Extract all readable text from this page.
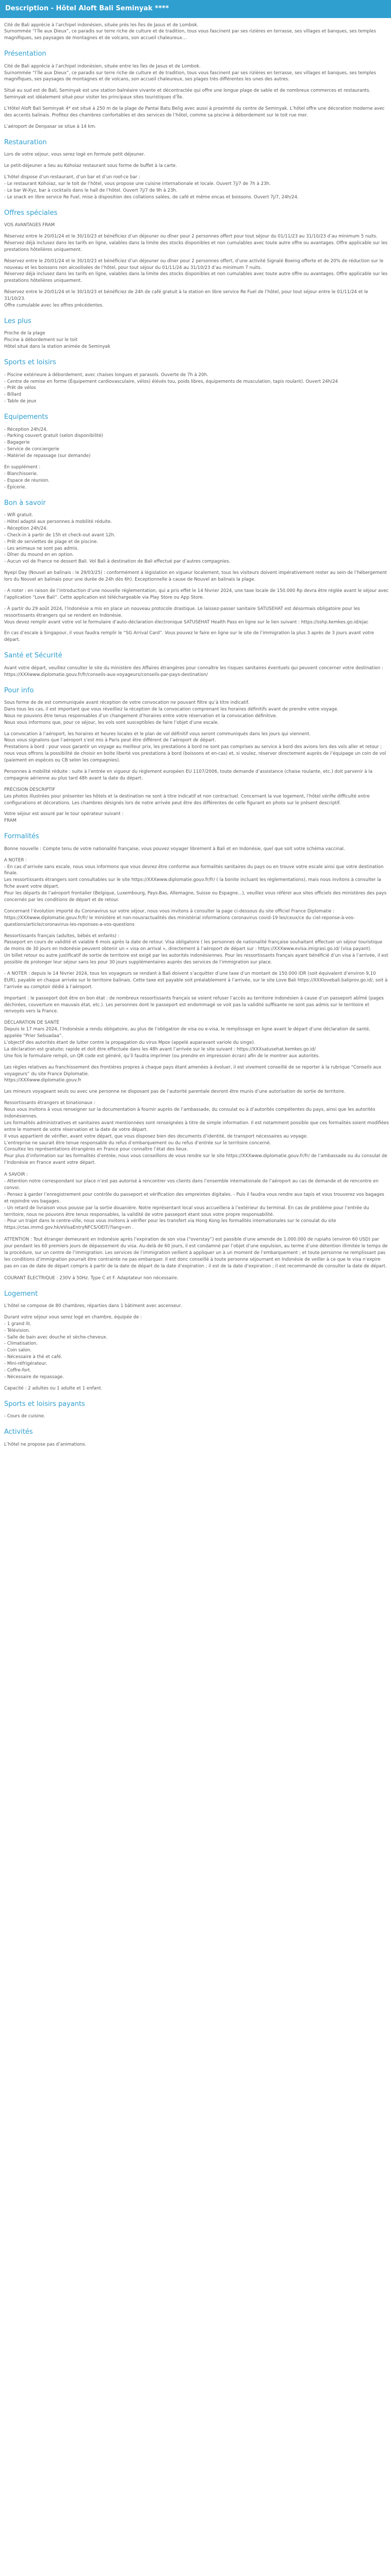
Description - Hôtel Aloft Bali Seminyak ****

Cité de Bali apprécie à l’archipel indonésien, située près les îles de Jasus et de Lombok.
Surnommée “l’Île aux Dieux”, ce paradis sur terre riche de culture et de tradition, tous vous fascinent par ses rizières en terrasse, ses villages et banques, ses temples magnifiques, ses paysages de montagnes et de volcans, son accueil chaleureux…

Présentation

Cité de Bali apprécie à l’archipel indonésien, située entre les îles de Jasus et de Lombok.
Surnommée “l’Île aux Dieux”, ce paradis sur terre riche de culture et de tradition, tous vous fascinent par ses rizières en terrasse, ses villages et banques, ses temples magnifiques, ses paysages de montagnes et de volcans, son accueil chaleureux, ses plages très différentes les unes des autres.

Situé au sud est de Bali, Seminyak est une station balnéaire vivante et décontractée qui offre une longue plage de sable et de nombreux commerces et restaurants. Seminyak est idéalement situé pour visiter les principaux sites touristiques d’Île.

L’Hôtel Aloft Bali Seminyak 4* est situé à 250 m de la plage de Pantai Batu Belig avec aussi à proximité du centre de Seminyak. L’hôtel offre une décoration moderne avec des accents balinais. Profitez des chambres confortables et des services de l’hôtel, comme sa piscine à débordement sur le toit rue mer.

L’aéroport de Denpasar se situe à 14 km.

Restauration

Lors de votre séjour, vous serez logé en formule petit déjeuner.

Le petit-déjeuner a lieu au Kohoiaz restaurant sous forme de buffet à la carte.

L’hôtel dispose d’un restaurant, d’un bar et d’un roof-ce bar :
- Le restaurant Kohoiaz, sur le toit de l’hôtel, vous propose une cuisine internationale et locale. Ouvert 7j/7 de 7h à 23h.
- Le bar W-Xyz, bar à cocktails dans le hall de l’hôtel. Ouvert 7j/7 de 9h à 23h.
- Le snack en libre service Re Fuel, mise à disposition des collations salées, de café et même encas et boissons. Ouvert 7j/7, 24h/24.

Offres spéciales

VOS AVANTAGES FRAM

Réservez entre le 20/01/24 et le 30/10/23 et bénéficiez d’un déjeuner ou dîner pour 2 personnes offert pour tout séjour du 01/11/23 au 31/10/23 d’au minimum 5 nuits.
Réservez déjà inclusez dans les tarifs en ligne, valables dans la limite des stocks disponibles et non cumulables avec toute autre offre ou avantages. Offre applicable sur les prestations hôtelières uniquement.

Réservez entre le 20/01/24 et le 30/10/23 et bénéficiez d’un déjeuner ou dîner pour 2 personnes offert, d’une activité Signalé Boeing offerte et de 20% de réduction sur le nouveau et les boissons non alcoolisées de l’hôtel, pour tout séjour du 01/11/24 au 31/10/23 d’au minimum 7 nuits.
Réservez déjà inclusez dans les tarifs en ligne, valables dans la limite des stocks disponibles et non cumulables avec toute autre offre ou avantages. Offre applicable sur les prestations hôtelières uniquement.

Réservez entre le 20/01/24 et le 30/10/23 et bénéficiez de 24h de café gratuit à la station en libre service Re Fuel de l’hôtel, pour tout séjour entre le 01/11/24 et le 31/10/23.
Offre cumulable avec les offres précédentes.

Les plus

Proche de la plage
Piscine à débordement sur le toit
Hôtel situé dans la station animée de Seminyak

Sports et loisirs

- Piscine extérieure à débordement, avec chaises longues et parasols. Ouverte de 7h à 20h.
- Centre de remise en forme (Équipement cardiovasculaire, vélos) élévés tou, poids libres, équipements de musculation, tapis roulant). Ouvert 24h/24
- Prêt de vélos
- Billard
- Table de jeux

Equipements

- Réception 24h/24.
- Parking couvert gratuit (selon disponibilité)
- Bagagerie
- Service de conciergerie
- Matériel de repassage (sur demande)

En supplément :
- Blanchisserie.
- Espace de réunion.
- Épicerie.

Bon à savoir

- Wifi gratuit.
- Hôtel adapté aux personnes à mobilité réduite.
- Réception 24h/24.
- Check-in à partir de 15h et check-out avant 12h.
- Prêt de serviettes de plage et de piscine.
- Les animaux ne sont pas admis.
- Dîner du mound en en option.
- Aucun vol de France ne dessert Bali. Vol Bali à destination de Bali effectué par d’autres compagnies.

Nyepi Day (Nouvel an balinais : le 29/03/25) : conformément à législation en vigueur localement, tous les visiteurs doivent impérativement rester au sein de l’hébergement lors du Nouvel an balinais pour une durée de 24h dès 6h). Exceptionnelle à cause de Nouvel an balinais la plage.

- A noter : en raison de l’introduction d’une nouvelle réglementation, qui a pris effet le 14 février 2024, une taxe locale de 150.000 Rp devra être réglée avant le séjour avec l’application “Love Bali”. Cette application est téléchargeable via Play Store ou App Store.

- À partir du 29 août 2024, l’Indonésie a mis en place un nouveau protocole drastique. Le laissez-passer sanitaire SATUSEHAT est désormais obligatoire pour les ressortissants étrangers qui se rendent en Indonésie.
Vous devez remplir avant votre vol le formulaire d’auto-déclaration électronique SATUSEHAT Health Pass en ligne sur le lien suivant : https://sshp.kemkes.go.id/ejac

En cas d’escale à Singapour, il vous faudra remplir le “SG Arrival Card”. Vous pouvez le faire en ligne sur le site de l’immigration la plus 3 après de 3 jours avant votre départ.

Santé et Sécurité

Avant votre départ, veuillez consulter le site du ministère des Affaires étrangères pour connaître les risques sanitaires éventuels qui peuvent concerner votre destination : https://XXXwww.diplomatie.gouv.fr/fr/conseils-aux-voyageurs/conseils-par-pays-destination/

Pour info

Sous forme de de est communiquée avant réception de votre convocation ne pouvant filtre qu’à titre indicatif.
Dans tous les cas, il est important que vous réveilliez la réception de la convocation comprenant les horaires définitifs avant de prendre votre voyage.
Nous ne pouvons être tenus responsables d’un changement d’horaires entre votre réservation et la convocation définitive.
Nous vous informons que, pour ce séjour, les vols sont susceptibles de faire l’objet d’une escale.

La convocation à l’aéroport, les horaires et heures locales et le plan de vol définitif vous seront communiqués dans les jours qui viennent.
Nous vous signalons que l’aéroport s’est mis à Paris peut être différent de l’aéroport de départ.
Prestations à bord : pour vous garantir un voyage au meilleur prix, les prestations à bord ne sont pas comprises au service à bord des avions lors des vols aller et retour ; nous vous offrons la possibilité de choisir en boite liberté vos prestations à bord (boissons et en-cas) et, si voulez, réserver directement auprès de l’équipage un coin de vol (paiement en espèces ou CB selon les compagnies).

Personnes à mobilité réduite : suite à l’entrée en vigueur du règlement européen EU 1107/2006, toute demande d’assistance (chaise roulante, etc.) doit parvenir à la compagnie aérienne au plus tard 48h avant la date du départ.

PRÉCISION DESCRIPTIF
Les photos illustrées pour présenter les hôtels et la destination ne sont à titre indicatif et non contractuel. Concernant la vue logement, l’hôtel vérifie difficulté entre configurations et décorations. Les chambres désignés lors de notre arrivée peut être des différentes de celle figurant en photo sur le présent descriptif.

Votre séjour est assuré par le tour opérateur suivant :
FRAM

Formalités

Bonne nouvelle : Compte tenu de votre nationalité française, vous pouvez voyager librement à Bali et en Indonésie, quel que soit votre schéma vaccinal.

A NOTER :
- En cas d’arrivée sans escale, nous vous informons que vous devrez être conforme aux formalités sanitaires du pays ou en trouve votre escale ainsi que votre destination finale.
Les ressortissants étrangers sont consultables sur le site https://XXXwww.diplomatie.gouv.fr/fr/ ( la bonite incluant les réglementations), mais nous invitons à consulter la fiche avant votre départ.
Pour les départs de l’aéroport frontalier (Belgique, Luxembourg, Pays-Bas, Allemagne, Suisse ou Espagne...), veuillez vous référer aux sites officiels des ministères des pays concernés par les conditions de départ et de retour.

Concernant l’évolution importé du Coronavirus sur votre séjour, nous vous invitons à consulter la page ci-dessous du site officiel France Diplomatie :
https://XXXwww.diplomatie.gouv.fr/fr/ le ministère et non-nousractualités des ministérial informations coronavirus covid-19 les/ceux/ce du ciel-reponse-à-vos-questions/article/coronavirus-les-reponses-a-vos-questions

Ressortissants français (adultes, bébés et enfants) :
Passeport en cours de validité et valable 6 mois après la date de retour. Visa obligatoire ( les personnes de nationalité française souhaitant effectuer un séjour touristique de moins de 30 jours en Indonésie peuvent obtenir un « visa on arrival », directement à l’aéroport de départ sur : https://XXXwww.evisa.imigrasi.go.id/ (visa payant).
Un billet retour ou autre justificatif de sortie de territoire est exigé par les autorités indonésiennes. Pour les ressortissants français ayant bénéficié d’un visa à l’arrivée, il est possible de prolonger leur séjour sans les pour 30 jours supplémentaires auprès des services de l’immigration sur place.

- A NOTER : depuis le 14 février 2024, tous les voyageurs se rendant à Bali doivent s’acquitter d’une taxe d’un montant de 150.000 IDR (soit équivalent d’environ 9,10 EUR), payable en chaque arrivée sur le territoire balinais. Cette taxe est payable soit préalablement à l’arrivée, sur le site Love Bali https://XXXlovebali.baliprov.go.id/, soit à l’arrivée au comptoir dédié à l’aéroport.

Important : le passeport doit être en bon état : de nombreux ressortissants français se voient refuser l’accès au territoire indonésien à cause d’un passeport abîmé (pages déchirées, couverture en mauvais état, etc.). Les personnes dont le passeport est endommagé se voit pas la validité suffisante ne sont pas admis sur le territoire et renvoyés vers la France.

DÉCLARATION DE SANTÉ
Depuis le 17 mars 2024, l’Indonésie a rendu obligatoire, au plus de l’obligation de visa ou e-visa, le remplissage en ligne avant le départ d’une déclaration de santé, appelée “Prier Sebuadaa”.
L’objectif des autorités étant de lutter contre la propagation du virus Mpox (appelé auparavant variole du singe).
La déclaration est gratuite; rapide et doit être effectuée dans les 48h avant l’arrivée sur le site suivant : https://XXXsatusehat.kemkes.go.id/
Une fois le formulaire rempli, un QR code est généré, qu’il faudra imprimer (ou prendre en impression écran) afin de le montrer aux autorités.

Les règles relatives au franchissement des frontières propres à chaque pays étant amenées à évoluer, il est vivement conseillé de se reporter à la rubrique “Conseils aux voyageurs” du site France Diplomatie.
https://XXXwww.diplomatie.gouv.fr

Les mineurs voyageant seuls ou avec une personne ne disposant pas de l’autorité parentale devront être munis d’une autorisation de sortie de territoire.

Ressortissants étrangers et binationaux :
Nous vous invitons à vous renseigner sur la documentation à fournir auprès de l’ambassade, du consulat ou à d’autorités compétentes du pays, ainsi que les autorités indonésiennes.
Les formalités administratives et sanitaires avant mentionnées sont renseignées à titre de simple information. Il est notamment possible que ces formalités soient modifiées entre le moment de votre réservation et la date de votre départ.
Il vous appartient de vérifier, avant votre départ, que vous disposez bien des documents d’identité, de transport nécessaires au voyage.
L’entreprise ne saurait être tenue responsable du refus d’embarquement ou du refus d’entrée sur le territoire concerné.
Consultez les représentations étrangères en France pour connaître l’état des lieux.
Pour plus d’information sur les formalités d’entrée, nous vous conseillons de vous rendre sur le site https://XXXwww.diplomatie.gouv.fr/fr/ de l’ambassade ou du consulat de l’Indonésie en France avant votre départ.

A SAVOIR :
- Attention notre correspondant sur place n’est pas autorisé à rencontrer vos clients dans l’ensemble internationale de l’aéroport au cas de demande et de rencontre en convoi.
- Pensez à garder l’enregistrement pour contrôle du passeport et vérification des empreintes digitales. - Puis il faudra vous rendre aux tapis et vous trouverez vos bagages et rejoindre vos bagages.
- Un retard de livraison vous pousse par la sortie douanière. Notre représentant local vous accueillera à l’extérieur du terminal. En cas de problème pour l’entrée du territoire, nous ne pouvons être tenus responsables, la validité de votre passeport étant sous votre propre responsabilité.
- Pour un trajet dans le centre-ville, nous vous invitons à vérifier pour les transfert via Hong Kong les formalités internationales sur le consulat du site https://ctas.immd.gov.hk/eVisaEntryNFCS/OEIT/?lang=en .

ATTENTION : Tout étranger demeurant en Indonésie après l’expiration de son visa (“overstay”) est passible d’une amende de 1.000.000 de rupiahs (environ 60 USD) par jour pendant les 60 premiers jours de dépassement du visa. Au-delà de 60 jours, il est condamné par l’objet d’une expulsion, au terme d’une détention illimitée le temps de la procédure, sur un centre de l’immigration. Les services de l’immigration veillent à appliquer un à un moment de l’embarquement ; et toute personne ne remplissant pas les conditions d’immigration pourrait être contrainte ne pas embarquer. Il est donc conseillé à toute personne séjournant en Indonésie de veiller à ce que le visa n’expire pas en cas de date de départ compris à partir de la date de départ de la date d’expiration ; il est de la date d’expiration ; il est recommandé de consulter la date de départ.

COURANT ÉLECTRIQUE : 230V à 50Hz. Type C et F. Adaptateur non nécessaire.

Logement

L’hôtel se compose de 80 chambres, réparties dans 1 bâtiment avec ascenseur.

Durant votre séjour vous serez logé en chambre, équipée de :
- 1 grand lit.
- Télévision.
- Salle de bain avec douche et sèche-cheveux.
- Climatisation.
- Coin salon.
- Nécessaire à thé et café.
- Mini-réfrigérateur.
- Coffre-fort.
- Nécessaire de repassage.

Capacité : 2 adultes ou 1 adulte et 1 enfant.

Sports et loisirs payants

- Cours de cuisine.

Activités

L’hôtel ne propose pas d’animations.
